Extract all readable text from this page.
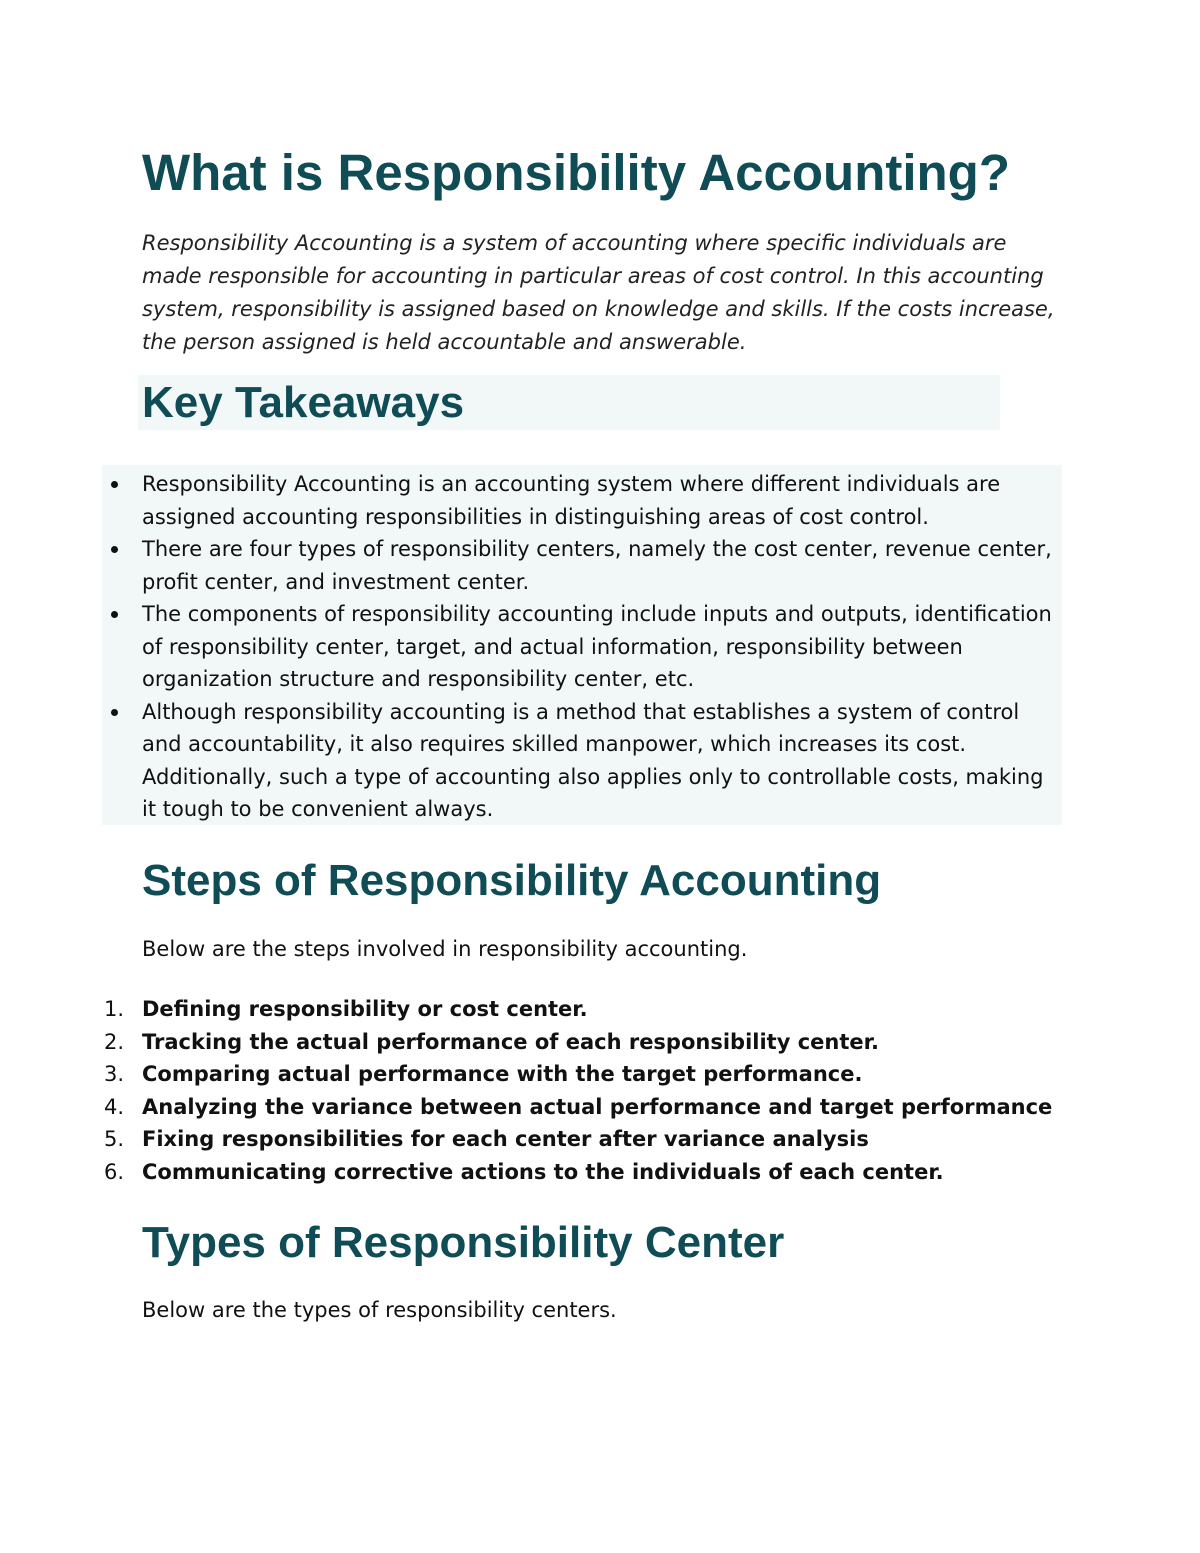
What is Responsibility Accounting?

Responsibility Accounting is a system of accounting where specific individuals are made responsible for accounting in particular areas of cost control. In this accounting system, responsibility is assigned based on knowledge and skills. If the costs increase, the person assigned is held accountable and answerable.

Key Takeaways
Responsibility Accounting is an accounting system where different individuals are assigned accounting responsibilities in distinguishing areas of cost control.
There are four types of responsibility centers, namely the cost center, revenue center, profit center, and investment center.
The components of responsibility accounting include inputs and outputs, identification of responsibility center, target, and actual information, responsibility between organization structure and responsibility center, etc.
Although responsibility accounting is a method that establishes a system of control and accountability, it also requires skilled manpower, which increases its cost. Additionally, such a type of accounting also applies only to controllable costs, making it tough to be convenient always.
Steps of Responsibility Accounting

Below are the steps involved in responsibility accounting.

1. Defining responsibility or cost center.
2. Tracking the actual performance of each responsibility center.
3. Comparing actual performance with the target performance.
4. Analyzing the variance between actual performance and target performance
5. Fixing responsibilities for each center after variance analysis
6. Communicating corrective actions to the individuals of each center.
Types of Responsibility Center

Below are the types of responsibility centers.
